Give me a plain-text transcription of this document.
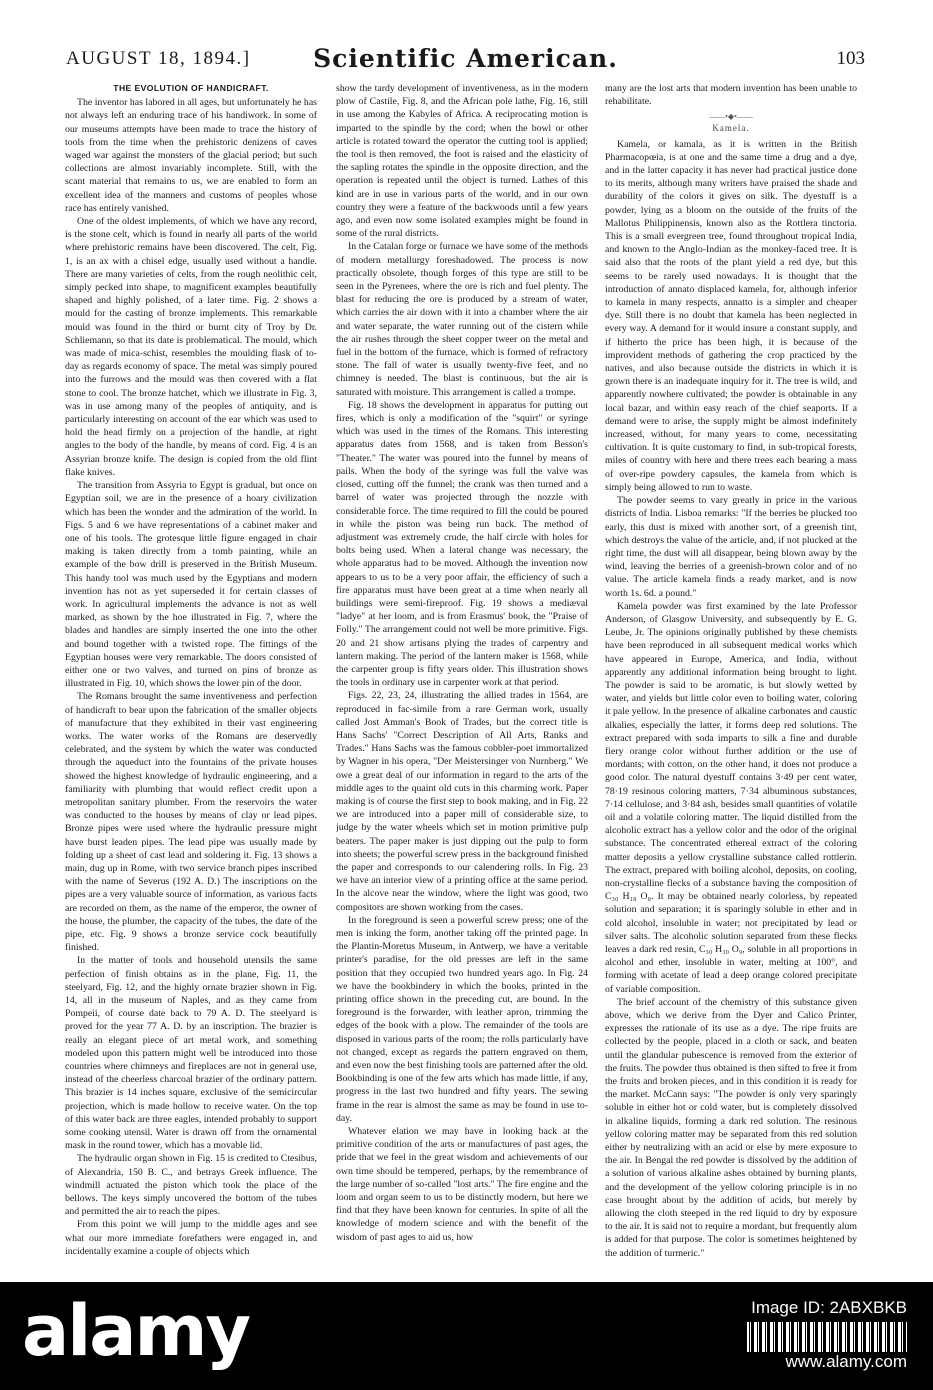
AUGUST 18, 1894.]	Scientific American.	103
THE EVOLUTION OF HANDICRAFT.

The inventor has labored in all ages, but unfortunately he has not always left an enduring trace of his handiwork. In some of our museums attempts have been made to trace the history of tools from the time when the prehistoric denizens of caves waged war against the monsters of the glacial period; but such collections are almost invariably incomplete. Still, with the scant material that remains to us, we are enabled to form an excellent idea of the manners and customs of peoples whose race has entirely vanished.

One of the oldest implements, of which we have any record, is the stone celt, which is found in nearly all parts of the world where prehistoric remains have been discovered. The celt, Fig. 1, is an ax with a chisel edge, usually used without a handle. There are many varieties of celts, from the rough neolithic celt, simply pecked into shape, to magnificent examples beautifully shaped and highly polished, of a later time. Fig. 2 shows a mould for the casting of bronze implements. This remarkable mould was found in the third or burnt city of Troy by Dr. Schliemann, so that its date is problematical. The mould, which was made of mica-schist, resembles the moulding flask of to-day as regards economy of space. The metal was simply poured into the furrows and the mould was then covered with a flat stone to cool. The bronze hatchet, which we illustrate in Fig. 3, was in use among many of the peoples of antiquity, and is particularly interesting on account of the ear which was used to hold the head firmly on a projection of the handle, at right angles to the body of the handle, by means of cord. Fig. 4 is an Assyrian bronze knife. The design is copied from the old flint flake knives.

The transition from Assyria to Egypt is gradual, but once on Egyptian soil, we are in the presence of a hoary civilization which has been the wonder and the admiration of the world. In Figs. 5 and 6 we have representations of a cabinet maker and one of his tools. The grotesque little figure engaged in chair making is taken directly from a tomb painting, while an example of the bow drill is preserved in the British Museum. This handy tool was much used by the Egyptians and modern invention has not as yet superseded it for certain classes of work. In agricultural implements the advance is not as well marked, as shown by the hoe illustrated in Fig. 7, where the blades and handles are simply inserted the one into the other and bound together with a twisted rope. The fittings of the Egyptian houses were very remarkable. The doors consisted of either one or two valves, and turned on pins of bronze as illustrated in Fig. 10, which shows the lower pin of the door.

The Romans brought the same inventiveness and perfection of handicraft to bear upon the fabrication of the smaller objects of manufacture that they exhibited in their vast engineering works. The water works of the Romans are deservedly celebrated, and the system by which the water was conducted through the aqueduct into the fountains of the private houses showed the highest knowledge of hydraulic engineering, and a familiarity with plumbing that would reflect credit upon a metropolitan sanitary plumber. From the reservoirs the water was conducted to the houses by means of clay or lead pipes. Bronze pipes were used where the hydraulic pressure might have burst leaden pipes. The lead pipe was usually made by folding up a sheet of cast lead and soldering it. Fig. 13 shows a main, dug up in Rome, with two service branch pipes inscribed with the name of Severus (192 A. D.) The inscriptions on the pipes are a very valuable source of information, as various facts are recorded on them, as the name of the emperor, the owner of the house, the plumber, the capacity of the tubes, the date of the pipe, etc. Fig. 9 shows a bronze service cock beautifully finished.

In the matter of tools and household utensils the same perfection of finish obtains as in the plane, Fig. 11, the steelyard, Fig. 12, and the highly ornate brazier shown in Fig. 14, all in the museum of Naples, and as they came from Pompeii, of course date back to 79 A. D. The steelyard is proved for the year 77 A. D. by an inscription. The brazier is really an elegant piece of art metal work, and something modeled upon this pattern might well be introduced into those countries where chimneys and fireplaces are not in general use, instead of the cheerless charcoal brazier of the ordinary pattern. This brazier is 14 inches square, exclusive of the semicircular projection, which is made hollow to receive water. On the top of this water back are three eagles, intended probably to support some cooking utensil. Water is drawn off from the ornamental mask in the round tower, which has a movable lid.

The hydraulic organ shown in Fig. 15 is credited to Ctesibus, of Alexandria, 150 B. C., and betrays Greek influence. The windmill actuated the piston which took the place of the bellows. The keys simply uncovered the bottom of the tubes and permitted the air to reach the pipes.

From this point we will jump to the middle ages and see what our more immediate forefathers were engaged in, and incidentally examine a couple of objects which

show the tardy development of inventiveness, as in the modern plow of Castile, Fig. 8, and the African pole lathe, Fig. 16, still in use among the Kabyles of Africa. A reciprocating motion is imparted to the spindle by the cord; when the bowl or other article is rotated toward the operator the cutting tool is applied; the tool is then removed, the foot is raised and the elasticity of the sapling rotates the spindle in the opposite direction, and the operation is repeated until the object is turned. Lathes of this kind are in use in various parts of the world, and in our own country they were a feature of the backwoods until a few years ago, and even now some isolated examples might be found in some of the rural districts.

In the Catalan forge or furnace we have some of the methods of modern metallurgy foreshadowed. The process is now practically obsolete, though forges of this type are still to be seen in the Pyrenees, where the ore is rich and fuel plenty. The blast for reducing the ore is produced by a stream of water, which carries the air down with it into a chamber where the air and water separate, the water running out of the cistern while the air rushes through the sheet copper tweer on the metal and fuel in the bottom of the furnace, which is formed of refractory stone. The fall of water is usually twenty-five feet, and no chimney is needed. The blast is continuous, but the air is saturated with moisture. This arrangement is called a trompe.

Fig. 18 shows the development in apparatus for putting out fires, which is only a modification of the "squirt" or syringe which was used in the times of the Romans. This interesting apparatus dates from 1568, and is taken from Besson's "Theater." The water was poured into the funnel by means of pails. When the body of the syringe was full the valve was closed, cutting off the funnel; the crank was then turned and a barrel of water was projected through the nozzle with considerable force. The time required to fill the could be poured in while the piston was being run back. The method of adjustment was extremely crude, the half circle with holes for bolts being used. When a lateral change was necessary, the whole apparatus had to be moved. Although the invention now appears to us to be a very poor affair, the efficiency of such a fire apparatus must have been great at a time when nearly all buildings were semi-fireproof. Fig. 19 shows a mediæval "ladye" at her loom, and is from Erasmus' book, the "Praise of Folly." The arrangement could not well be more primitive. Figs. 20 and 21 show artisans plying the trades of carpentry and lantern making. The period of the lantern maker is 1568, while the carpenter group is fifty years older. This illustration shows the tools in ordinary use in carpenter work at that period.

Figs. 22, 23, 24, illustrating the allied trades in 1564, are reproduced in fac-simile from a rare German work, usually called Jost Amman's Book of Trades, but the correct title is Hans Sachs' "Correct Description of All Arts, Ranks and Trades." Hans Sachs was the famous cobbler-poet immortalized by Wagner in his opera, "Der Meistersinger von Nurnberg." We owe a great deal of our information in regard to the arts of the middle ages to the quaint old cuts in this charming work. Paper making is of course the first step to book making, and in Fig. 22 we are introduced into a paper mill of considerable size, to judge by the water wheels which set in motion primitive pulp beaters. The paper maker is just dipping out the pulp to form into sheets; the powerful screw press in the background finished the paper and corresponds to our calendering rolls. In Fig. 23 we have an interior view of a printing office at the same period. In the alcove near the window, where the light was good, two compositors are shown working from the cases.

In the foreground is seen a powerful screw press; one of the men is inking the form, another taking off the printed page. In the Plantin-Moretus Museum, in Antwerp, we have a veritable printer's paradise, for the old presses are left in the same position that they occupied two hundred years ago. In Fig. 24 we have the bookbindery in which the books, printed in the printing office shown in the preceding cut, are bound. In the foreground is the forwarder, with leather apron, trimming the edges of the book with a plow. The remainder of the tools are disposed in various parts of the room; the rolls particularly have not changed, except as regards the pattern engraved on them, and even now the best finishing tools are patterned after the old. Bookbinding is one of the few arts which has made little, if any, progress in the last two hundred and fifty years. The sewing frame in the rear is almost the same as may be found in use to-day.

Whatever elation we may have in looking back at the primitive condition of the arts or manufactures of past ages, the pride that we feel in the great wisdom and achievements of our own time should be tempered, perhaps, by the remembrance of the large number of so-called "lost arts." The fire engine and the loom and organ seem to us to be distinctly modern, but here we find that they have been known for centuries. In spite of all the knowledge of modern science and with the benefit of the wisdom of past ages to aid us, how

many are the lost arts that modern invention has been unable to rehabilitate.

——•◆•——
Kamela.

Kamela, or kamala, as it is written in the British Pharmacopœia, is at one and the same time a drug and a dye, and in the latter capacity it has never had practical justice done to its merits, although many writers have praised the shade and durability of the colors it gives on silk. The dyestuff is a powder, lying as a bloom on the outside of the fruits of the Mallotus Philippinensis, known also as the Rottlera tinctoria. This is a small evergreen tree, found throughout tropical India, and known to the Anglo-Indian as the monkey-faced tree. It is said also that the roots of the plant yield a red dye, but this seems to be rarely used nowadays. It is thought that the introduction of annato displaced kamela, for, although inferior to kamela in many respects, annatto is a simpler and cheaper dye. Still there is no doubt that kamela has been neglected in every way. A demand for it would insure a constant supply, and if hitherto the price has been high, it is because of the improvident methods of gathering the crop practiced by the natives, and also because outside the districts in which it is grown there is an inadequate inquiry for it. The tree is wild, and apparently nowhere cultivated; the powder is obtainable in any local bazar, and within easy reach of the chief seaports. If a demand were to arise, the supply might be almost indefinitely increased, without, for many years to come, necessitating cultivation. It is quite customary to find, in sub-tropical forests, miles of country with here and there trees each bearing a mass of over-ripe powdery capsules, the kamela from which is simply being allowed to run to waste.

The powder seems to vary greatly in price in the various districts of India. Lisboa remarks: "If the berries be plucked too early, this dust is mixed with another sort, of a greenish tint, which destroys the value of the article, and, if not plucked at the right time, the dust will all disappear, being blown away by the wind, leaving the berries of a greenish-brown color and of no value. The article kamela finds a ready market, and is now worth 1s. 6d. a pound."

Kamela powder was first examined by the late Professor Anderson, of Glasgow University, and subsequently by E. G. Leube, Jr. The opinions originally published by these chemists have been reproduced in all subsequent medical works which have appeared in Europe, America, and India, without apparently any additional information being brought to light. The powder is said to be aromatic, is but slowly wetted by water, and yields but little color even to boiling water, coloring it pale yellow. In the presence of alkaline carbonates and caustic alkalies, especially the latter, it forms deep red solutions. The extract prepared with soda imparts to silk a fine and durable fiery orange color without further addition or the use of mordants; with cotton, on the other hand, it does not produce a good color. The natural dyestuff contains 3·49 per cent water, 78·19 resinous coloring matters, 7·34 albuminous substances, 7·14 cellulose, and 3·84 ash, besides small quantities of volatile oil and a volatile coloring matter. The liquid distilled from the alcoholic extract has a yellow color and the odor of the original substance. The concentrated ethereal extract of the coloring matter deposits a yellow crystalline substance called rottlerin. The extract, prepared with boiling alcohol, deposits, on cooling, non-crystalline flecks of a substance having the composition of C₃₀ H₁₈ O₈. It may be obtained nearly colorless, by repeated solution and separation; it is sparingly soluble in ether and in cold alcohol, insoluble in water; not precipitated by lead or silver salts. The alcoholic solution separated from these flecks leaves a dark red resin, C₃₀ H₃₀ O₉, soluble in all proportions in alcohol and ether, insoluble in water, melting at 100°, and forming with acetate of lead a deep orange colored precipitate of variable composition.

The brief account of the chemistry of this substance given above, which we derive from the Dyer and Calico Printer, expresses the rationale of its use as a dye. The ripe fruits are collected by the people, placed in a cloth or sack, and beaten until the glandular pubescence is removed from the exterior of the fruits. The powder thus obtained is then sifted to free it from the fruits and broken pieces, and in this condition it is ready for the market. McCann says: "The powder is only very sparingly soluble in either hot or cold water, but is completely dissolved in alkaline liquids, forming a dark red solution. The resinous yellow coloring matter may be separated from this red solution either by neutralizing with an acid or else by mere exposure to the air. In Bengal the red powder is dissolved by the addition of a solution of various alkaline ashes obtained by burning plants, and the development of the yellow coloring principle is in no case brought about by the addition of acids, but merely by allowing the cloth steeped in the red liquid to dry by exposure to the air. It is said not to require a mordant, but frequently alum is added for that purpose. The color is sometimes heightened by the addition of turmeric."

alamy	Image ID: 2ABXBKB
www.alamy.com
